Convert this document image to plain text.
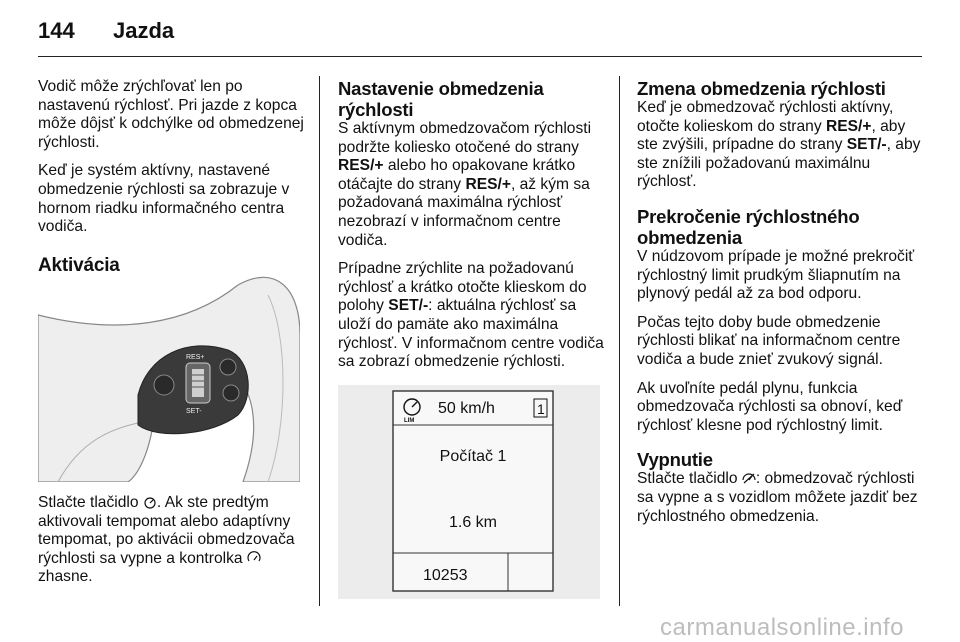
144 Jazda

Vodič môže zrýchľovať len po nastavenú rýchlosť. Pri jazde z kopca môže dôjsť k odchýlke od obmedzenej rýchlosti.

Keď je systém aktívny, nastavené obmedzenie rýchlosti sa zobrazuje v hornom riadku informačného centra vodiča.

Aktivácia
RES+
SET-

Stlačte tlačidlo . Ak ste predtým aktivovali tempomat alebo adaptívny tempomat, po aktivácii obmedzovača rýchlosti sa vypne a kontrolka  zhasne.

Nastavenie obmedzenia rýchlosti

S aktívnym obmedzovačom rýchlosti podržte koliesko otočené do strany RES/+ alebo ho opakovane krátko otáčajte do strany RES/+, až kým sa požadovaná maximálna rýchlosť nezobrazí v informačnom centre vodiča.

Prípadne zrýchlite na požadovanú rýchlosť a krátko otočte klieskom do polohy SET/-: aktuálna rýchlosť sa uloží do pamäte ako maximálna rýchlosť. V informačnom centre vodiča sa zobrazí obmedzenie rýchlosti.

LIM
50 km/h	1
Počítač 1
1.6 km
10253
Zmena obmedzenia rýchlosti

Keď je obmedzovač rýchlosti aktívny, otočte kolieskom do strany RES/+, aby ste zvýšili, prípadne do strany SET/-, aby ste znížili požadovanú maximálnu rýchlosť.

Prekročenie rýchlostného obmedzenia

V núdzovom prípade je možné prekročiť rýchlostný limit prudkým šliapnutím na plynový pedál až za bod odporu.

Počas tejto doby bude obmedzenie rýchlosti blikať na informačnom centre vodiča a bude znieť zvukový signál.

Ak uvoľníte pedál plynu, funkcia obmedzovača rýchlosti sa obnoví, keď rýchlosť klesne pod rýchlostný limit.

Vypnutie

Stlačte tlačidlo : obmedzovač rýchlosti sa vypne a s vozidlom môžete jazdiť bez rýchlostného obmedzenia.

carmanualsonline.info
